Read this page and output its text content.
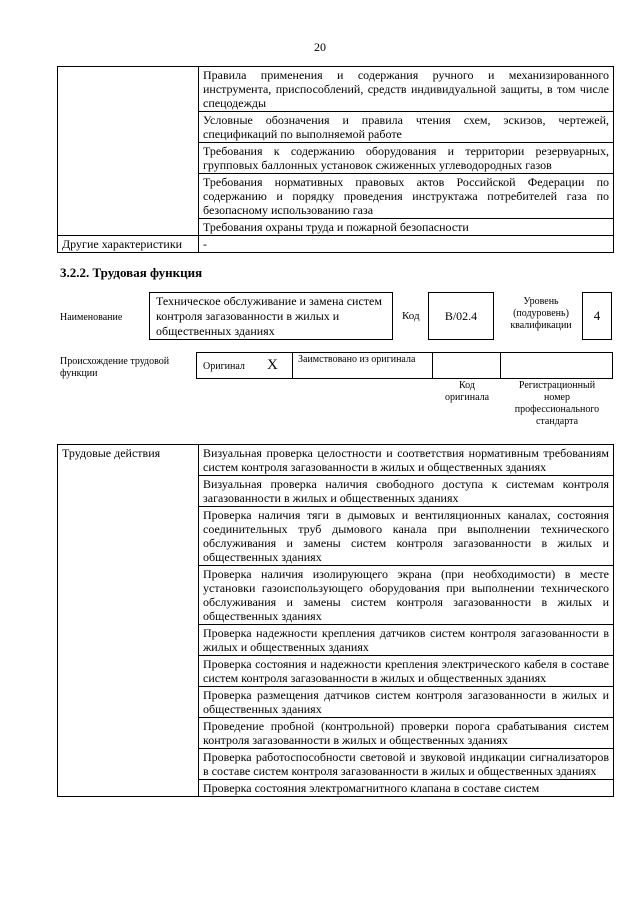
20
	Правила применения и содержания ручного и механизированного инструмента, приспособлений, средств индивидуальной защиты, в том числе спецодежды
	Условные обозначения и правила чтения схем, эскизов, чертежей, спецификаций по выполняемой работе
	Требования к содержанию оборудования и территории резервуарных, групповых баллонных установок сжиженных углеводородных газов
	Требования нормативных правовых актов Российской Федерации по содержанию и порядку проведения инструктажа потребителей газа по безопасному использованию газа
	Требования охраны труда и пожарной безопасности
Другие характеристики	-
3.2.2. Трудовая функция
Наименование
Техническое обслуживание и замена систем контроля загазованности в жилых и общественных зданиях
Код B/02.4
Уровень (подуровень) квалификации
4
Происхождение трудовой функции
Оригинал X Заимствовано из оригинала
Код оригинала
Регистрационный номер профессионального стандарта
Трудовые действия	Визуальная проверка целостности и соответствия нормативным требованиям систем контроля загазованности в жилых и общественных зданиях
Визуальная проверка наличия свободного доступа к системам контроля загазованности в жилых и общественных зданиях
Проверка наличия тяги в дымовых и вентиляционных каналах, состояния соединительных труб дымового канала при выполнении технического обслуживания и замены систем контроля загазованности в жилых и общественных зданиях
Проверка наличия изолирующего экрана (при необходимости) в месте установки газоиспользующего оборудования при выполнении технического обслуживания и замены систем контроля загазованности в жилых и общественных зданиях
Проверка надежности крепления датчиков систем контроля загазованности в жилых и общественных зданиях
Проверка состояния и надежности крепления электрического кабеля в составе систем контроля загазованности в жилых и общественных зданиях
Проверка размещения датчиков систем контроля загазованности в жилых и общественных зданиях
Проведение пробной (контрольной) проверки порога срабатывания систем контроля загазованности в жилых и общественных зданиях
Проверка работоспособности световой и звуковой индикации сигнализаторов в составе систем контроля загазованности в жилых и общественных зданиях
Проверка состояния электромагнитного клапана в составе систем
